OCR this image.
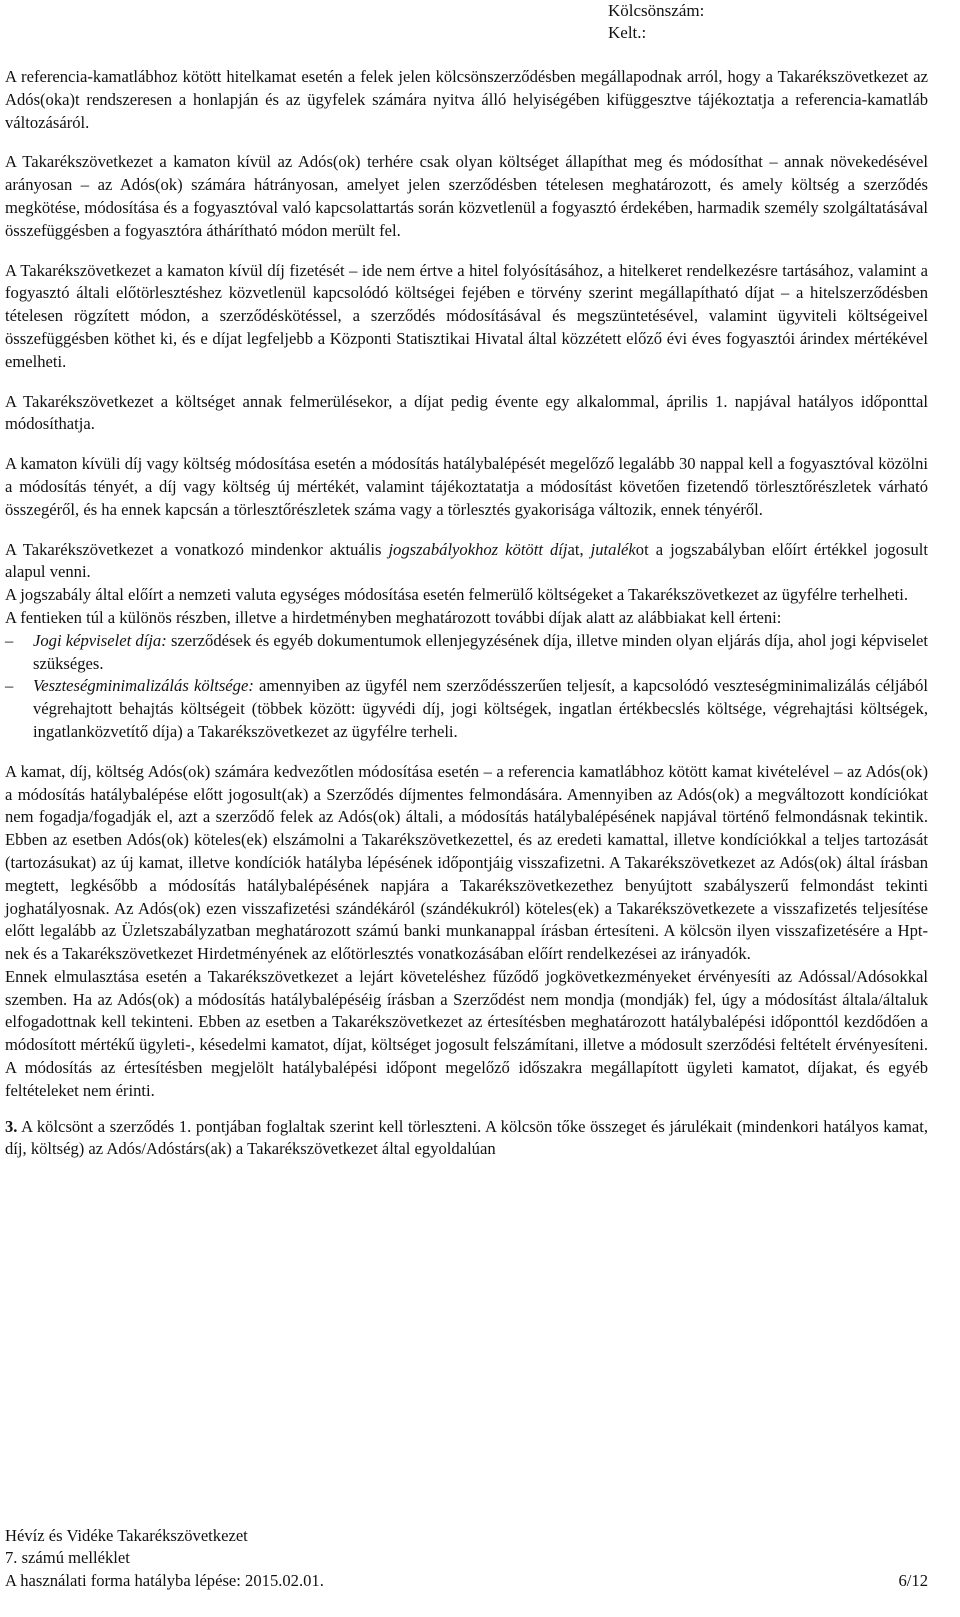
Kölcsönszám:
Kelt.:

A referencia-kamatlábhoz kötött hitelkamat esetén a felek jelen kölcsönszerződésben megállapodnak arról, hogy a Takarékszövetkezet az Adós(oka)t rendszeresen a honlapján és az ügyfelek számára nyitva álló helyiségében kifüggesztve tájékoztatja a referencia-kamatláb változásáról.

A Takarékszövetkezet a kamaton kívül az Adós(ok) terhére csak olyan költséget állapíthat meg és módosíthat – annak növekedésével arányosan – az Adós(ok) számára hátrányosan, amelyet jelen szerződésben tételesen meghatározott, és amely költség a szerződés megkötése, módosítása és a fogyasztóval való kapcsolattartás során közvetlenül a fogyasztó érdekében, harmadik személy szolgáltatásával összefüggésben a fogyasztóra áthárítható módon merült fel.

A Takarékszövetkezet a kamaton kívül díj fizetését – ide nem értve a hitel folyósításához, a hitelkeret rendelkezésre tartásához, valamint a fogyasztó általi előtörlesztéshez közvetlenül kapcsolódó költségei fejében e törvény szerint megállapítható díjat – a hitelszerződésben tételesen rögzített módon, a szerződéskötéssel, a szerződés módosításával és megszüntetésével, valamint ügyviteli költségeivel összefüggésben köthet ki, és e díjat legfeljebb a Központi Statisztikai Hivatal által közzétett előző évi éves fogyasztói árindex mértékével emelheti.

A Takarékszövetkezet a költséget annak felmerülésekor, a díjat pedig évente egy alkalommal, április 1. napjával hatályos időponttal módosíthatja.

A kamaton kívüli díj vagy költség módosítása esetén a módosítás hatálybalépését megelőző legalább 30 nappal kell a fogyasztóval közölni a módosítás tényét, a díj vagy költség új mértékét, valamint tájékoztatatja a módosítást követően fizetendő törlesztőrészletek várható összegéről, és ha ennek kapcsán a törlesztőrészletek száma vagy a törlesztés gyakorisága változik, ennek tényéről.

A Takarékszövetkezet a vonatkozó mindenkor aktuális jogszabályokhoz kötött díjat, jutalékot a jogszabályban előírt értékkel jogosult alapul venni.

A jogszabály által előírt a nemzeti valuta egységes módosítása esetén felmerülő költségeket a Takarékszövetkezet az ügyfélre terhelheti.

A fentieken túl a különös részben, illetve a hirdetményben meghatározott további díjak alatt az alábbiakat kell érteni:

– Jogi képviselet díja: szerződések és egyéb dokumentumok ellenjegyzésének díja, illetve minden olyan eljárás díja, ahol jogi képviselet szükséges.
– Veszteségminimalizálás költsége: amennyiben az ügyfél nem szerződésszerűen teljesít, a kapcsolódó veszteségminimalizálás céljából végrehajtott behajtás költségeit (többek között: ügyvédi díj, jogi költségek, ingatlan értékbecslés költsége, végrehajtási költségek, ingatlanközvetítő díja) a Takarékszövetkezet az ügyfélre terheli.

A kamat, díj, költség Adós(ok) számára kedvezőtlen módosítása esetén – a referencia kamatlábhoz kötött kamat kivételével – az Adós(ok) a módosítás hatálybalépése előtt jogosult(ak) a Szerződés díjmentes felmondására. Amennyiben az Adós(ok) a megváltozott kondíciókat nem fogadja/fogadják el, azt a szerződő felek az Adós(ok) általi, a módosítás hatálybalépésének napjával történő felmondásnak tekintik. Ebben az esetben Adós(ok) köteles(ek) elszámolni a Takarékszövetkezettel, és az eredeti kamattal, illetve kondíciókkal a teljes tartozását (tartozásukat) az új kamat, illetve kondíciók hatályba lépésének időpontjáig visszafizetni. A Takarékszövetkezet az Adós(ok) által írásban megtett, legkésőbb a módosítás hatálybalépésének napjára a Takarékszövetkezethez benyújtott szabályszerű felmondást tekinti joghatályosnak. Az Adós(ok) ezen visszafizetési szándékáról (szándékukról) köteles(ek) a Takarékszövetkezete a visszafizetés teljesítése előtt legalább az Üzletszabályzatban meghatározott számú banki munkanappal írásban értesíteni. A kölcsön ilyen visszafizetésére a Hpt-nek és a Takarékszövetkezet Hirdetményének az előtörlesztés vonatkozásában előírt rendelkezései az irányadók.

Ennek elmulasztása esetén a Takarékszövetkezet a lejárt követeléshez fűződő jogkövetkezményeket érvényesíti az Adóssal/Adósokkal szemben. Ha az Adós(ok) a módosítás hatálybalépéséig írásban a Szerződést nem mondja (mondják) fel, úgy a módosítást általa/általuk elfogadottnak kell tekinteni. Ebben az esetben a Takarékszövetkezet az értesítésben meghatározott hatálybalépési időponttól kezdődően a módosított mértékű ügyleti-, késedelmi kamatot, díjat, költséget jogosult felszámítani, illetve a módosult szerződési feltételt érvényesíteni. A módosítás az értesítésben megjelölt hatálybalépési időpont megelőző időszakra megállapított ügyleti kamatot, díjakat, és egyéb feltételeket nem érinti.

3. A kölcsönt a szerződés 1. pontjában foglaltak szerint kell törleszteni. A kölcsön tőke összeget és járulékait (mindenkori hatályos kamat, díj, költség) az Adós/Adóstárs(ak) a Takarékszövetkezet által egyoldalúan

Hévíz és Vidéke Takarékszövetkezet
7. számú melléklet
A használati forma hatályba lépése: 2015.02.01.	6/12
